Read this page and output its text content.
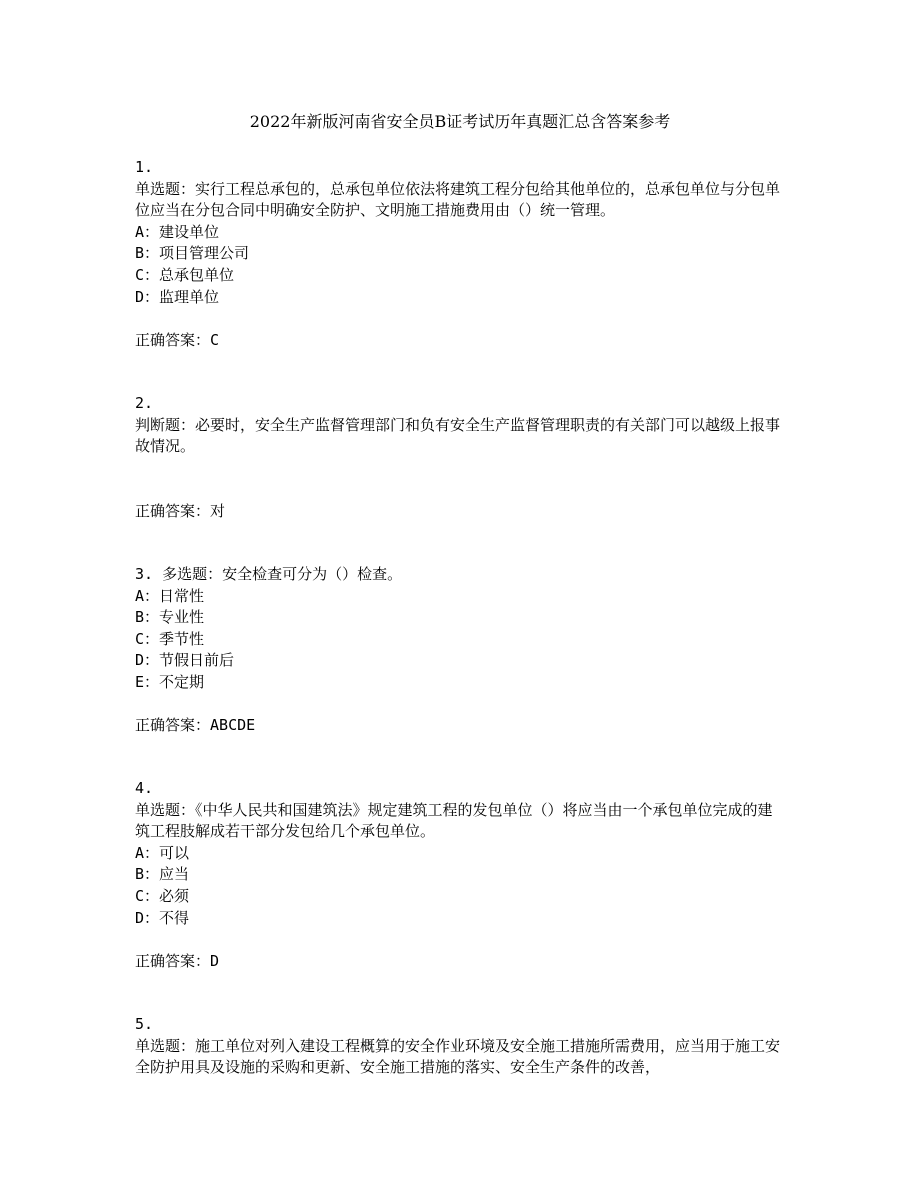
2022年新版河南省安全员B证考试历年真题汇总含答案参考
1.
单选题：实行工程总承包的，总承包单位依法将建筑工程分包给其他单位的，总承包单位与分包单位应当在分包合同中明确安全防护、文明施工措施费用由（）统一管理。
A：建设单位
B：项目管理公司
C：总承包单位
D：监理单位
正确答案：C
2.
判断题：必要时，安全生产监督管理部门和负有安全生产监督管理职责的有关部门可以越级上报事故情况。
正确答案：对
3. 多选题：安全检查可分为（）检查。
A：日常性
B：专业性
C：季节性
D：节假日前后
E：不定期
正确答案：ABCDE
4.
单选题：《中华人民共和国建筑法》规定建筑工程的发包单位（）将应当由一个承包单位完成的建筑工程肢解成若干部分发包给几个承包单位。
A：可以
B：应当
C：必须
D：不得
正确答案：D
5.
单选题：施工单位对列入建设工程概算的安全作业环境及安全施工措施所需费用，应当用于施工安全防护用具及设施的采购和更新、安全施工措施的落实、安全生产条件的改善，
